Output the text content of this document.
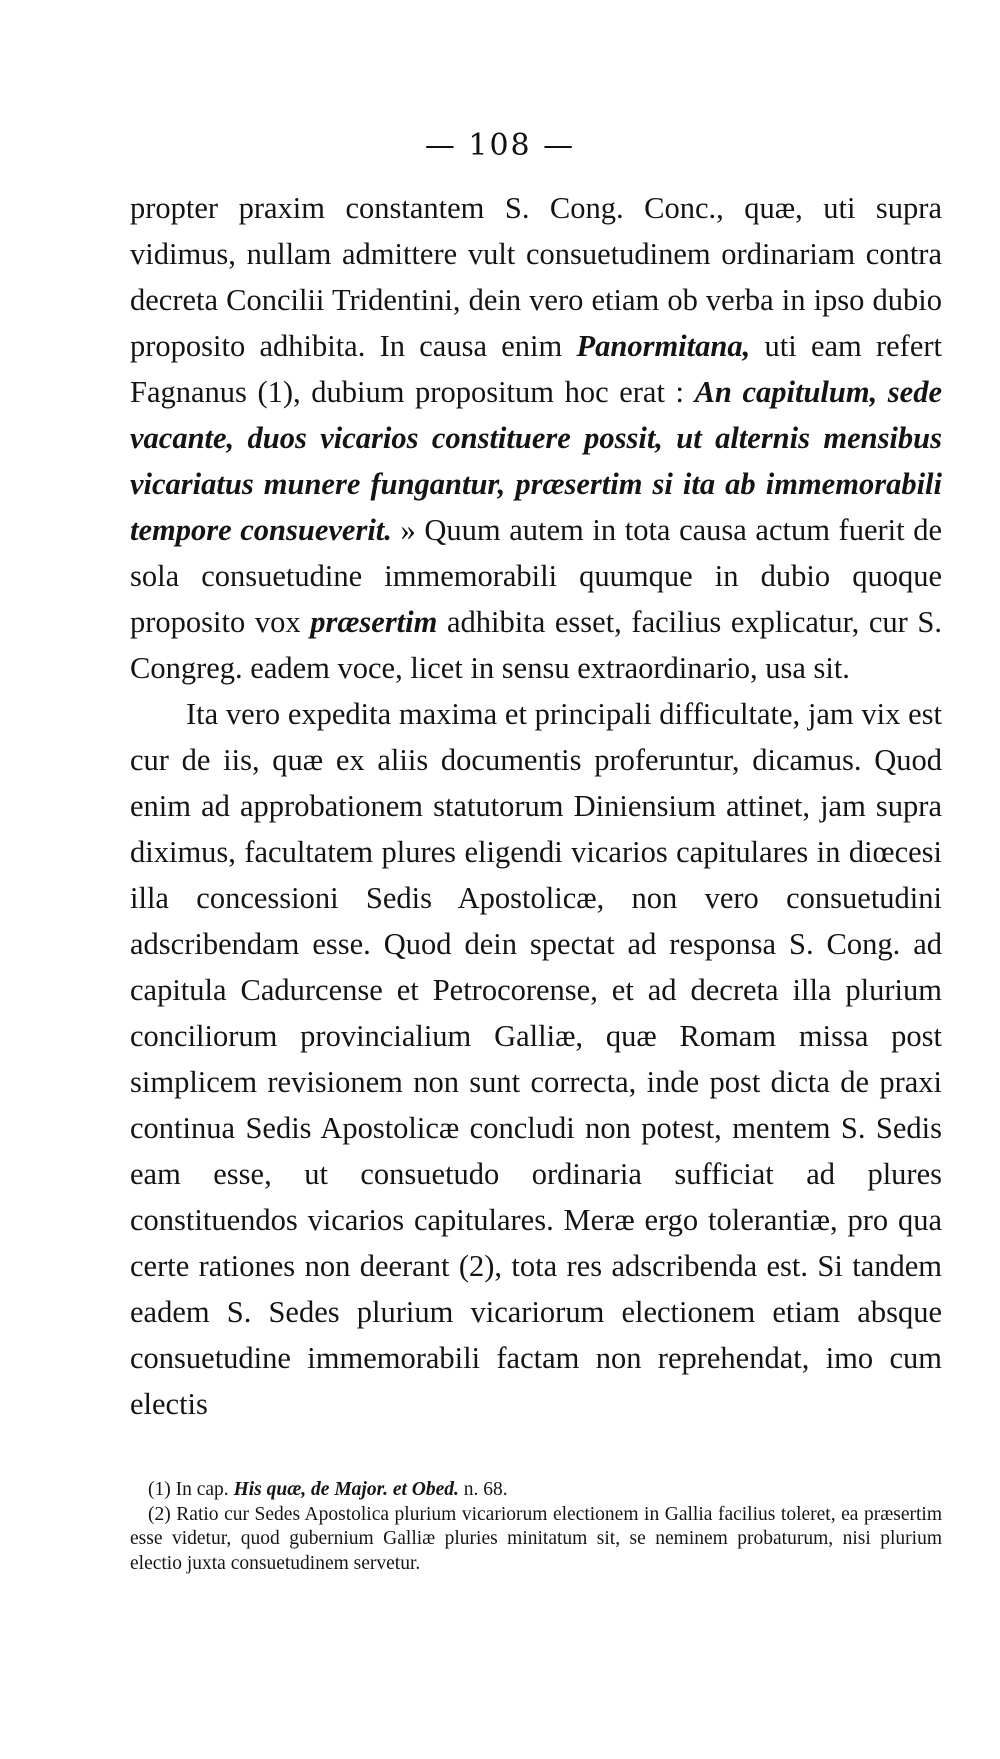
— 108 —

propter praxim constantem S. Cong. Conc., quæ, uti supra vidimus, nullam admittere vult consuetudinem ordinariam contra decreta Concilii Tridentini, dein vero etiam ob verba in ipso dubio proposito adhibita. In causa enim Panormitana, uti eam refert Fagnanus (1), dubium propositum hoc erat : An capitulum, sede vacante, duos vicarios constituere possit, ut alternis mensibus vicariatus munere fungantur, præsertim si ita ab immemorabili tempore consueverit. » Quum autem in tota causa actum fuerit de sola consuetudine immemorabili quumque in dubio quoque proposito vox præsertim adhibita esset, facilius explicatur, cur S. Congreg. eadem voce, licet in sensu extraordinario, usa sit.

Ita vero expedita maxima et principali difficultate, jam vix est cur de iis, quæ ex aliis documentis proferuntur, dicamus. Quod enim ad approbationem statutorum Diniensium attinet, jam supra diximus, facultatem plures eligendi vicarios capitulares in diœcesi illa concessioni Sedis Apostolicæ, non vero consuetudini adscribendam esse. Quod dein spectat ad responsa S. Cong. ad capitula Cadurcense et Petrocorense, et ad decreta illa plurium conciliorum provincialium Galliæ, quæ Romam missa post simplicem revisionem non sunt correcta, inde post dicta de praxi continua Sedis Apostolicæ concludi non potest, mentem S. Sedis eam esse, ut consuetudo ordinaria sufficiat ad plures constituendos vicarios capitulares. Meræ ergo tolerantiæ, pro qua certe rationes non deerant (2), tota res adscribenda est. Si tandem eadem S. Sedes plurium vicariorum electionem etiam absque consuetudine immemorabili factam non reprehendat, imo cum electis

(1) In cap. His quæ, de Major. et Obed. n. 68.

(2) Ratio cur Sedes Apostolica plurium vicariorum electionem in Gallia facilius toleret, ea præsertim esse videtur, quod gubernium Galliæ pluries minitatum sit, se neminem probaturum, nisi plurium electio juxta consuetudinem servetur.
